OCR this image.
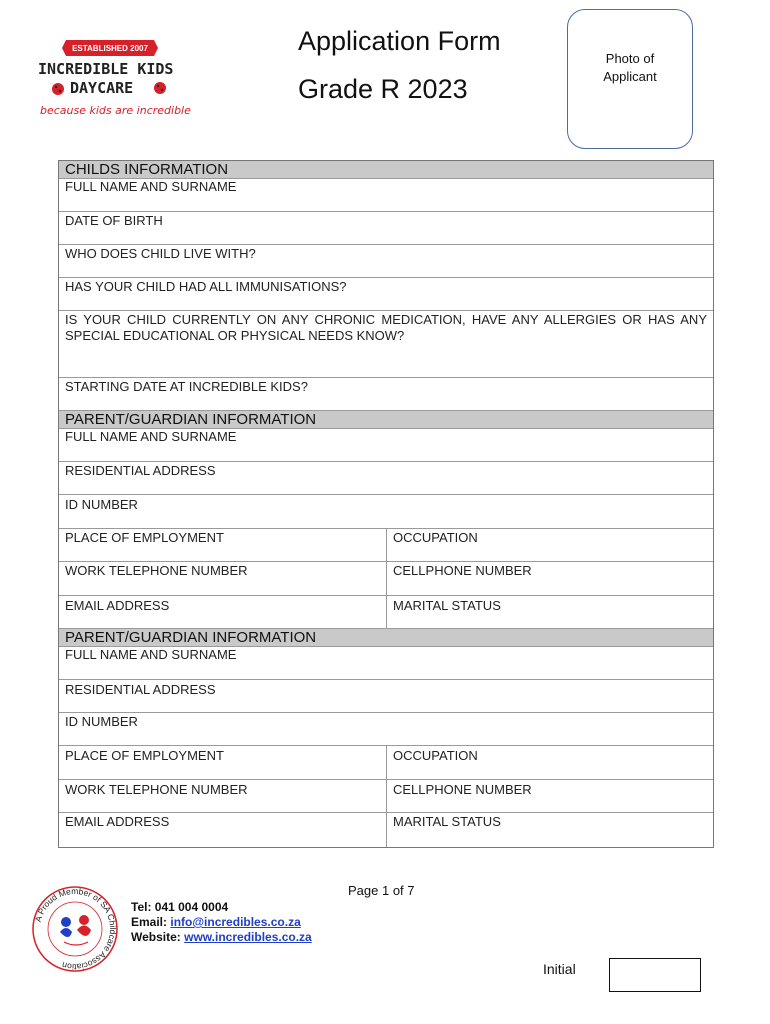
ESTABLISHED 2007
INCREDIBLE KIDS
DAYCARE
because kids are incredible
Application Form
Grade R 2023
Photo of
Applicant
CHILDS INFORMATION
FULL NAME AND SURNAME
DATE OF BIRTH
WHO DOES CHILD LIVE WITH?
HAS YOUR CHILD HAD ALL IMMUNISATIONS?
IS YOUR CHILD CURRENTLY ON ANY CHRONIC MEDICATION, HAVE ANY ALLERGIES OR HAS ANY SPECIAL EDUCATIONAL OR PHYSICAL NEEDS KNOW?
STARTING DATE AT INCREDIBLE KIDS?
PARENT/GUARDIAN INFORMATION
FULL NAME AND SURNAME
RESIDENTIAL ADDRESS
ID NUMBER
PLACE OF EMPLOYMENT	OCCUPATION
WORK TELEPHONE NUMBER	CELLPHONE NUMBER
EMAIL ADDRESS	MARITAL STATUS
PARENT/GUARDIAN INFORMATION
FULL NAME AND SURNAME
RESIDENTIAL ADDRESS
ID NUMBER
PLACE OF EMPLOYMENT	OCCUPATION
WORK TELEPHONE NUMBER	CELLPHONE NUMBER
EMAIL ADDRESS	MARITAL STATUS
A Proud Member of SA Childcare Association
Page 1 of 7
Tel: 041 004 0004
Email: info@incredibles.co.za
Website: www.incredibles.co.za
Initial
